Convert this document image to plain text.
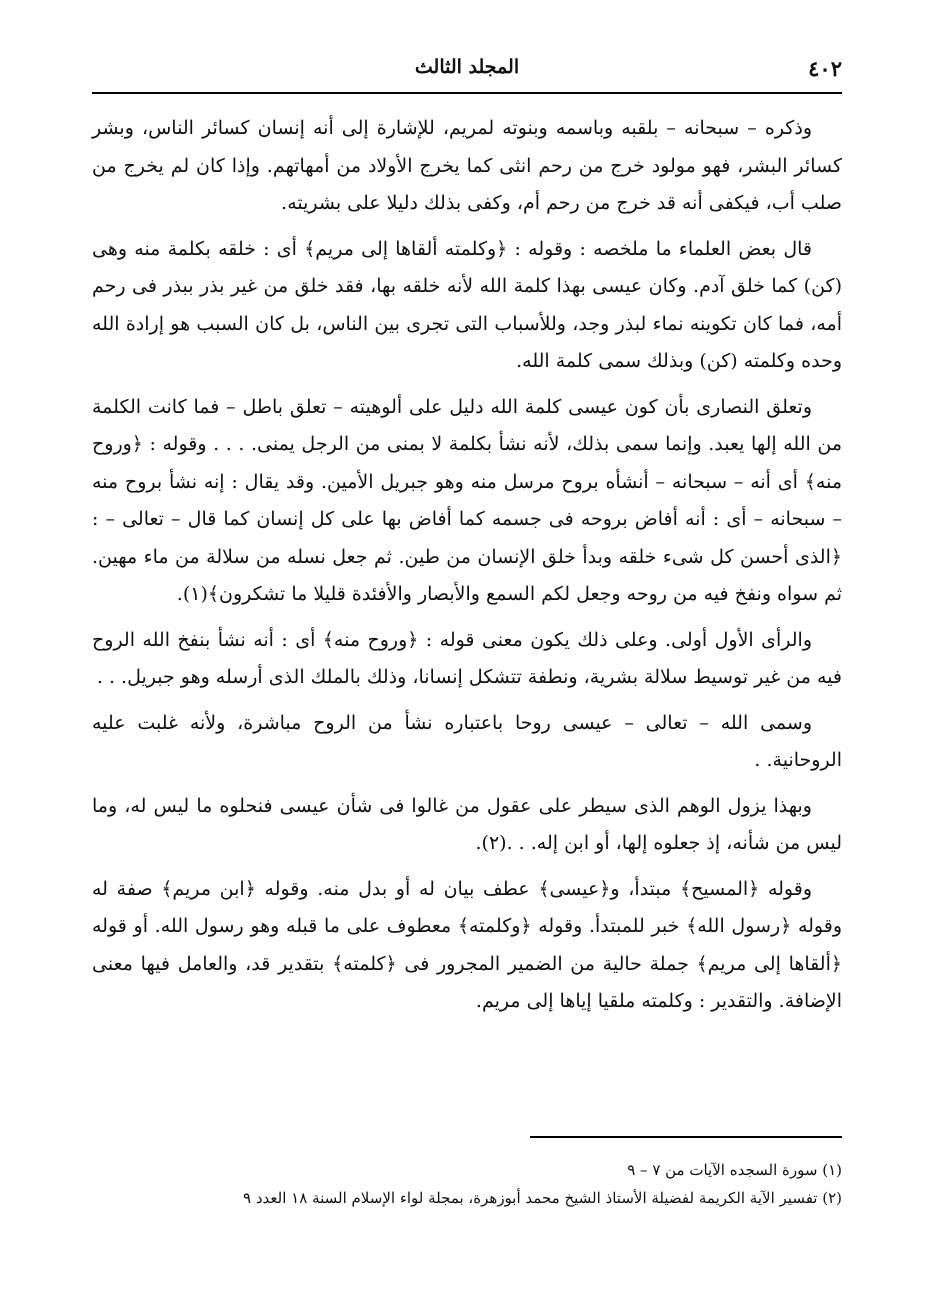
٤٠٢
المجلد الثالث

وذكره – سبحانه – بلقبه وباسمه وبنوته لمريم، للإشارة إلى أنه إنسان كسائر الناس، وبشر كسائر البشر، فهو مولود خرج من رحم انثى كما يخرج الأولاد من أمهاتهم. وإذا كان لم يخرج من صلب أب، فيكفى أنه قد خرج من رحم أم، وكفى بذلك دليلا على بشريته.

قال بعض العلماء ما ملخصه : وقوله : ﴿وكلمته ألقاها إلى مريم﴾ أى : خلقه بكلمة منه وهى (كن) كما خلق آدم. وكان عيسى بهذا كلمة الله لأنه خلقه بها، فقد خلق من غير بذر ببذر فى رحم أمه، فما كان تكوينه نماء لبذر وجد، وللأسباب التى تجرى بين الناس، بل كان السبب هو إرادة الله وحده وكلمته (كن) وبذلك سمى كلمة الله.

وتعلق النصارى بأن كون عيسى كلمة الله دليل على ألوهيته – تعلق باطل – فما كانت الكلمة من الله إلها يعبد. وإنما سمى بذلك، لأنه نشأ بكلمة لا بمنى من الرجل يمنى. . . . وقوله : ﴿وروح منه﴾ أى أنه – سبحانه – أنشأه بروح مرسل منه وهو جبريل الأمين. وقد يقال : إنه نشأ بروح منه – سبحانه – أى : أنه أفاض بروحه فى جسمه كما أفاض بها على كل إنسان كما قال – تعالى – : ﴿الذى أحسن كل شىء خلقه وبدأ خلق الإنسان من طين. ثم جعل نسله من سلالة من ماء مهين. ثم سواه ونفخ فيه من روحه وجعل لكم السمع والأبصار والأفئدة قليلا ما تشكرون﴾(١).

والرأى الأول أولى. وعلى ذلك يكون معنى قوله : ﴿وروح منه﴾ أى : أنه نشأ بنفخ الله الروح فيه من غير توسيط سلالة بشرية، ونطفة تتشكل إنسانا، وذلك بالملك الذى أرسله وهو جبريل. . .

وسمى الله – تعالى – عيسى روحا باعتباره نشأ من الروح مباشرة، ولأنه غلبت عليه الروحانية. .

وبهذا يزول الوهم الذى سيطر على عقول من غالوا فى شأن عيسى فنحلوه ما ليس له، وما ليس من شأنه، إذ جعلوه إلها، أو ابن إله. . .(٢).

وقوله ﴿المسيح﴾ مبتدأ، و﴿عيسى﴾ عطف بيان له أو بدل منه. وقوله ﴿ابن مريم﴾ صفة له وقوله ﴿رسول الله﴾ خبر للمبتدأ. وقوله ﴿وكلمته﴾ معطوف على ما قبله وهو رسول الله. أو قوله ﴿ألقاها إلى مريم﴾ جملة حالية من الضمير المجرور فى ﴿كلمته﴾ بتقدير قد، والعامل فيها معنى الإضافة. والتقدير : وكلمته ملقيا إياها إلى مريم.

(١) سورة السجده الآيات من ٧ – ٩

(٢) تفسير الآية الكريمة لفضيلة الأستاذ الشيخ محمد أبوزهرة، بمجلة لواء الإسلام السنة ١٨ العدد ٩
